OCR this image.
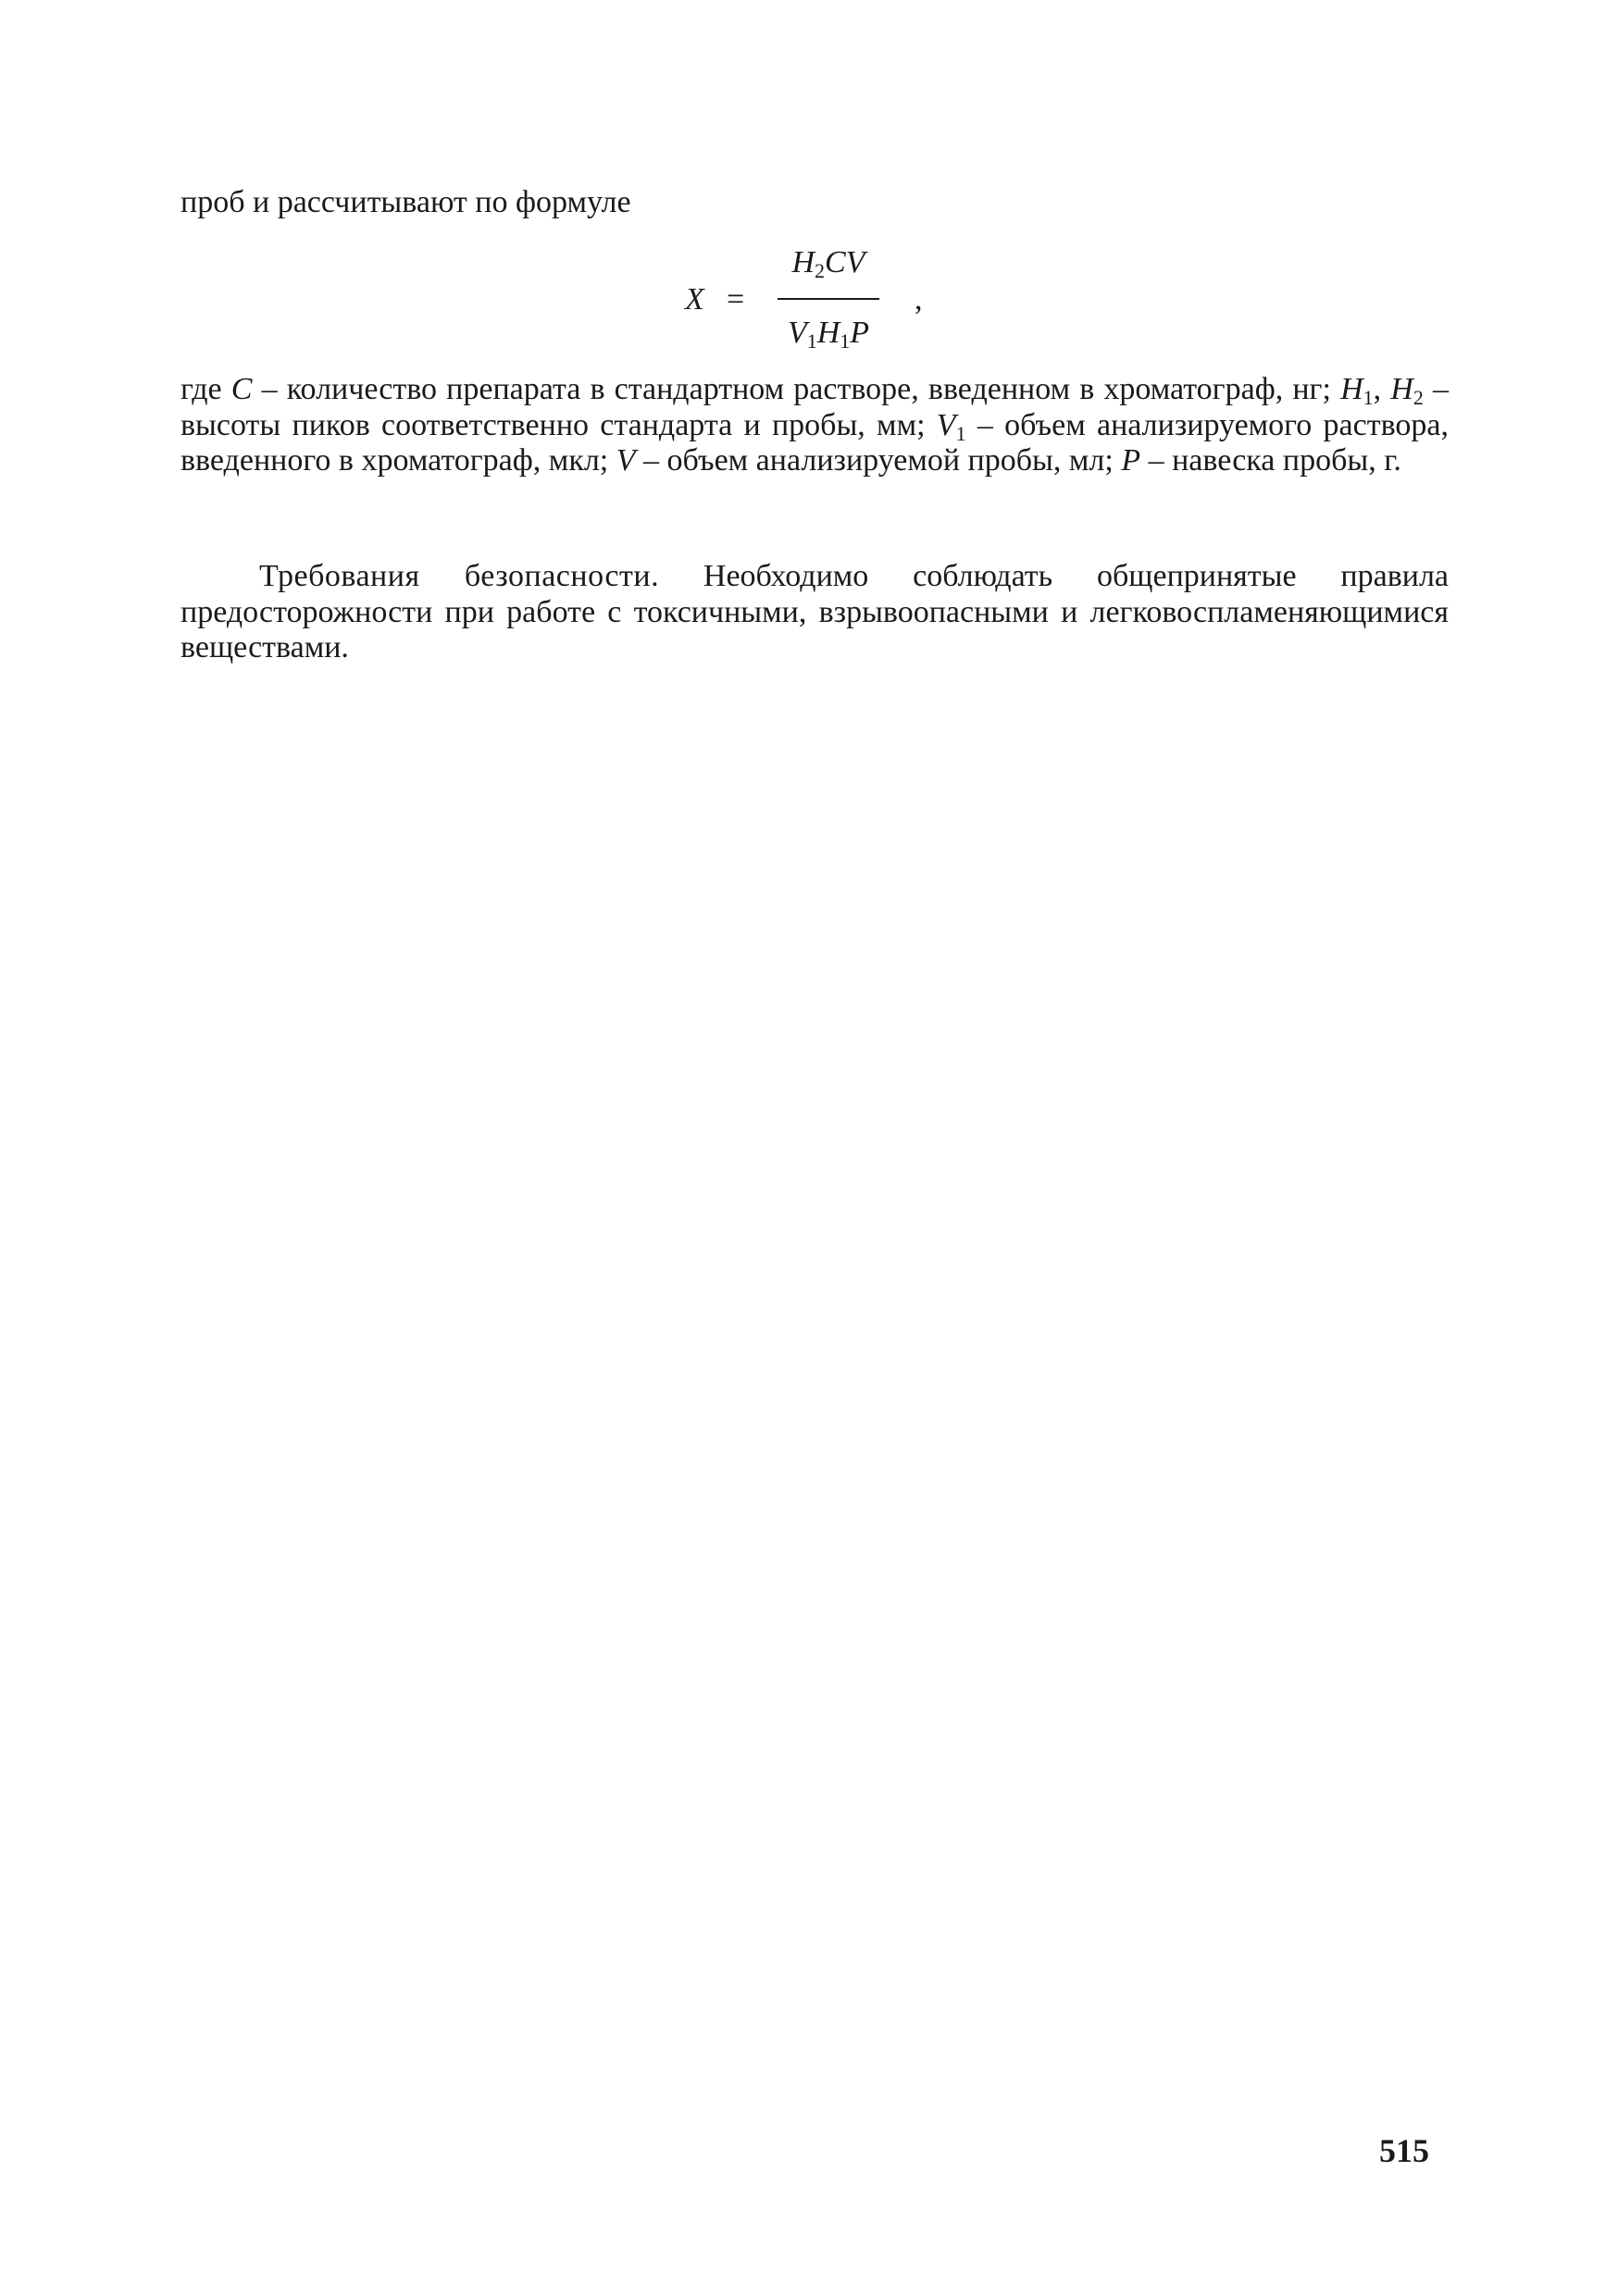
проб и рассчитывают по формуле

X =
$H_2CV$
$V_1H_1P$
,

где C – количество препарата в стандартном растворе, введенном в хроматограф, нг; $H_1$, $H_2$ – высоты пиков соответственно стандарта и пробы, мм; $V_1$ – объем анализируемого раствора, введенного в хроматограф, мкл; V – объем анализируемой пробы, мл; P – навеска пробы, г.

Требования безопасности. Необходимо соблюдать общепринятые правила предосторожности при работе с токсичными, взрывоопасными и легковоспламеняющимися веществами.

515
